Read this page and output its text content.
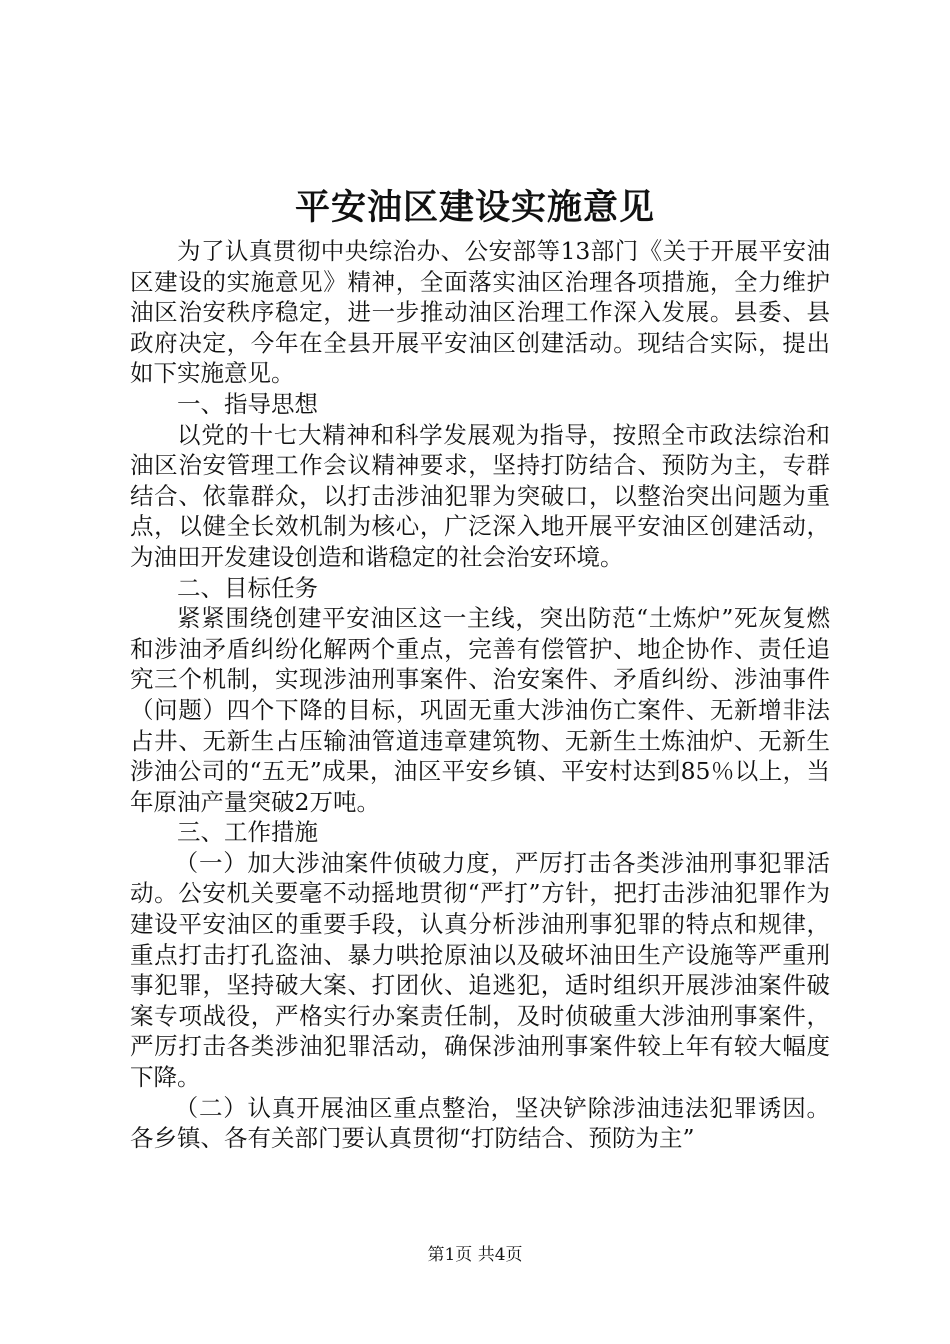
平安油区建设实施意见

为了认真贯彻中央综治办、公安部等13部门《关于开展平安油区建设的实施意见》精神，全面落实油区治理各项措施，全力维护油区治安秩序稳定，进一步推动油区治理工作深入发展。县委、县政府决定，今年在全县开展平安油区创建活动。现结合实际，提出如下实施意见。

一、指导思想

以党的十七大精神和科学发展观为指导，按照全市政法综治和油区治安管理工作会议精神要求，坚持打防结合、预防为主，专群结合、依靠群众，以打击涉油犯罪为突破口，以整治突出问题为重点，以健全长效机制为核心，广泛深入地开展平安油区创建活动，为油田开发建设创造和谐稳定的社会治安环境。

二、目标任务

紧紧围绕创建平安油区这一主线，突出防范“土炼炉”死灰复燃和涉油矛盾纠纷化解两个重点，完善有偿管护、地企协作、责任追究三个机制，实现涉油刑事案件、治安案件、矛盾纠纷、涉油事件（问题）四个下降的目标，巩固无重大涉油伤亡案件、无新增非法占井、无新生占压输油管道违章建筑物、无新生土炼油炉、无新生涉油公司的“五无”成果，油区平安乡镇、平安村达到85％以上，当年原油产量突破2万吨。

三、工作措施

（一）加大涉油案件侦破力度，严厉打击各类涉油刑事犯罪活动。公安机关要毫不动摇地贯彻“严打”方针，把打击涉油犯罪作为建设平安油区的重要手段，认真分析涉油刑事犯罪的特点和规律，重点打击打孔盗油、暴力哄抢原油以及破坏油田生产设施等严重刑事犯罪，坚持破大案、打团伙、追逃犯，适时组织开展涉油案件破案专项战役，严格实行办案责任制，及时侦破重大涉油刑事案件，严厉打击各类涉油犯罪活动，确保涉油刑事案件较上年有较大幅度下降。

（二）认真开展油区重点整治，坚决铲除涉油违法犯罪诱因。各乡镇、各有关部门要认真贯彻“打防结合、预防为主”

第1页 共4页
